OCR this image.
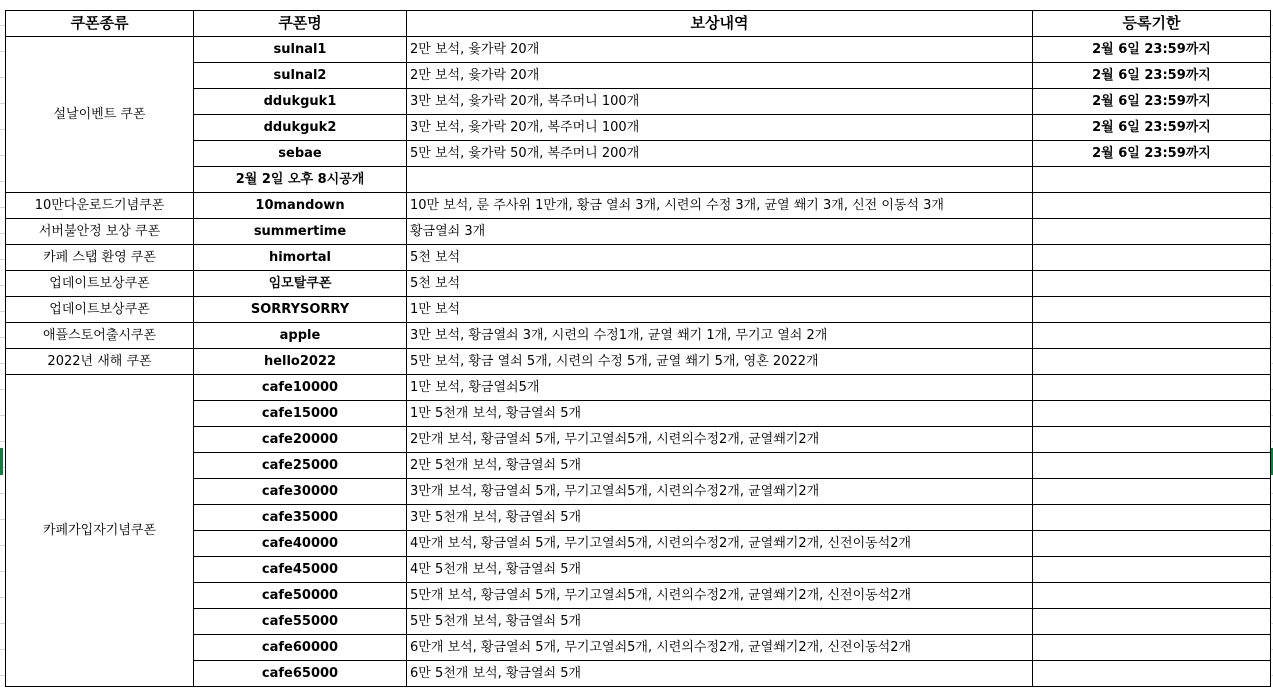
쿠폰종류	쿠폰명	보상내역	등록기한
설날이벤트 쿠폰	sulnal1	2만 보석, 윷가락 20개	2월 6일 23:59까지
	sulnal2	2만 보석, 윷가락 20개	2월 6일 23:59까지
	ddukguk1	3만 보석, 윷가락 20개, 복주머니 100개	2월 6일 23:59까지
	ddukguk2	3만 보석, 윷가락 20개, 복주머니 100개	2월 6일 23:59까지
	sebae	5만 보석, 윷가락 50개, 복주머니 200개	2월 6일 23:59까지
	2월 2일 오후 8시공개		
10만다운로드기념쿠폰	10mandown	10만 보석, 룬 주사위 1만개, 황금 열쇠 3개, 시련의 수정 3개, 균열 쐐기 3개, 신전 이동석 3개	
서버불안정 보상 쿠폰	summertime	황금열쇠 3개	
카페 스탭 환영 쿠폰	himortal	5천 보석	
업데이트보상쿠폰	임모탈쿠폰	5천 보석	
업데이트보상쿠폰	SORRYSORRY	1만 보석	
애플스토어출시쿠폰	apple	3만 보석, 황금열쇠 3개, 시련의 수정1개, 균열 쐐기 1개, 무기고 열쇠 2개	
2022년 새해 쿠폰	hello2022	5만 보석, 황금 열쇠 5개, 시련의 수정 5개, 균열 쐐기 5개, 영혼 2022개	
카페가입자기념쿠폰	cafe10000	1만 보석, 황금열쇠5개	
	cafe15000	1만 5천개 보석, 황금열쇠 5개	
	cafe20000	2만개 보석, 황금열쇠 5개, 무기고열쇠5개, 시련의수정2개, 균열쐐기2개	
	cafe25000	2만 5천개 보석, 황금열쇠 5개	
	cafe30000	3만개 보석, 황금열쇠 5개, 무기고열쇠5개, 시련의수정2개, 균열쐐기2개	
	cafe35000	3만 5천개 보석, 황금열쇠 5개	
	cafe40000	4만개 보석, 황금열쇠 5개, 무기고열쇠5개, 시련의수정2개, 균열쐐기2개, 신전이동석2개	
	cafe45000	4만 5천개 보석, 황금열쇠 5개	
	cafe50000	5만개 보석, 황금열쇠 5개, 무기고열쇠5개, 시련의수정2개, 균열쐐기2개, 신전이동석2개	
	cafe55000	5만 5천개 보석, 황금열쇠 5개	
	cafe60000	6만개 보석, 황금열쇠 5개, 무기고열쇠5개, 시련의수정2개, 균열쐐기2개, 신전이동석2개	
	cafe65000	6만 5천개 보석, 황금열쇠 5개	
